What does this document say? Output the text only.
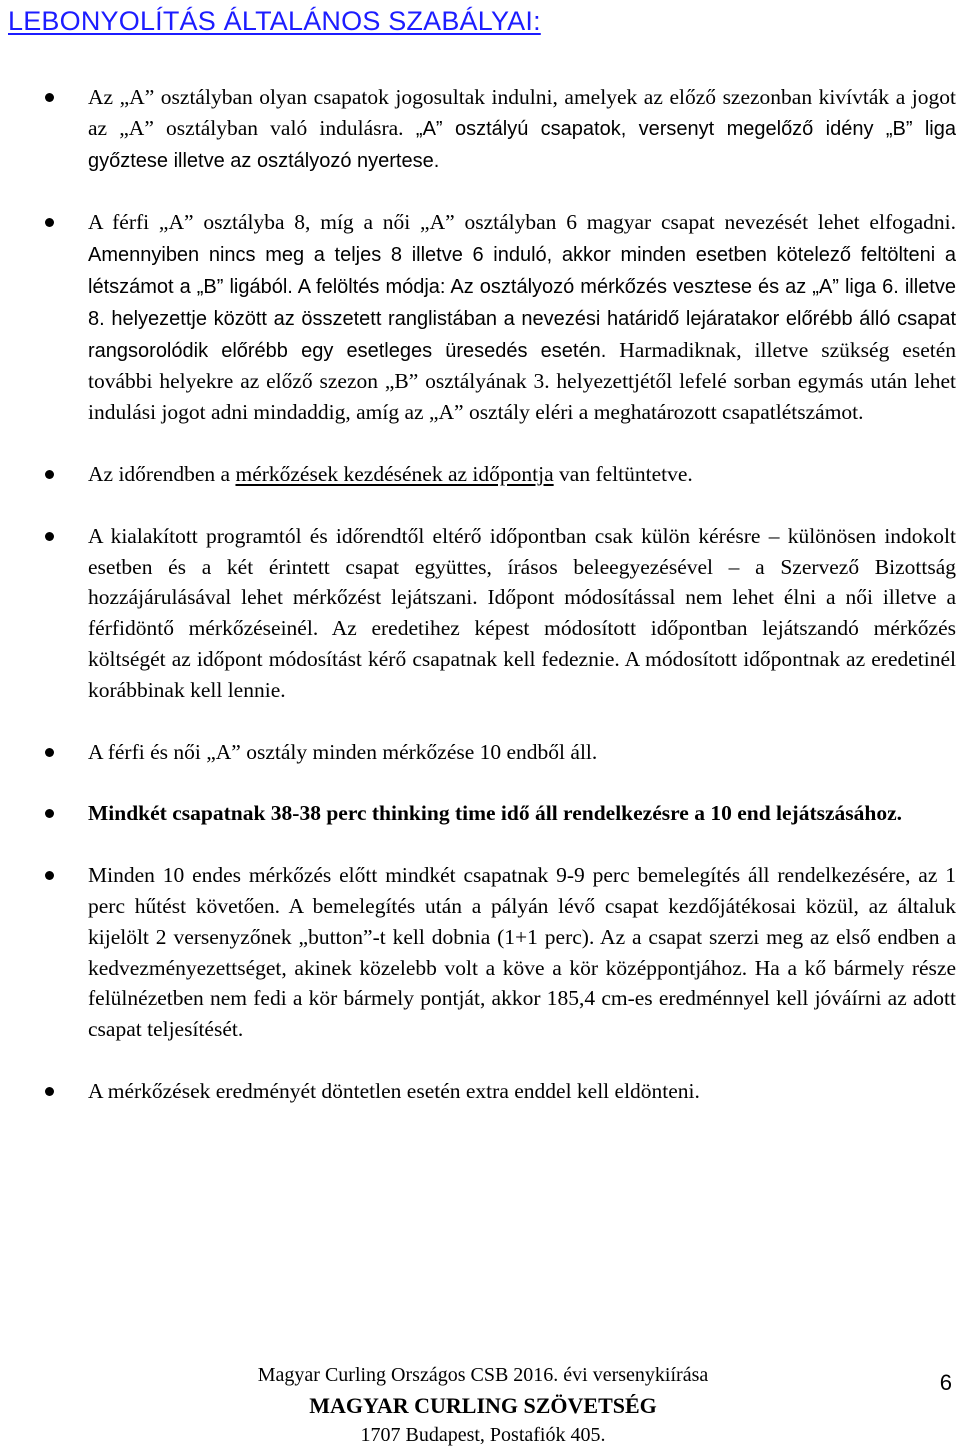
LEBONYOLÍTÁS ÁLTALÁNOS SZABÁLYAI:
Az „A” osztályban olyan csapatok jogosultak indulni, amelyek az előző szezonban kivívták a jogot az „A” osztályban való indulásra. „A” osztályú csapatok, versenyt megelőző idény „B” liga győztese illetve az osztályozó nyertese.
A férfi „A” osztályba 8, míg a női „A” osztályban 6 magyar csapat nevezését lehet elfogadni. Amennyiben nincs meg a teljes 8 illetve 6 induló, akkor minden esetben kötelező feltölteni a létszámot a „B” ligából. A felöltés módja: Az osztályozó mérkőzés vesztese és az „A” liga 6. illetve 8. helyezettje között az összetett ranglistában a nevezési határidő lejáratakor előrébb álló csapat rangsorolódik előrébb egy esetleges üresedés esetén. Harmadiknak, illetve szükség esetén további helyekre az előző szezon „B” osztályának 3. helyezettjétől lefelé sorban egymás után lehet indulási jogot adni mindaddig, amíg az „A” osztály eléri a meghatározott csapatlétszámot.
Az időrendben a mérkőzések kezdésének az időpontja van feltüntetve.
A kialakított programtól és időrendtől eltérő időpontban csak külön kérésre – különösen indokolt esetben és a két érintett csapat együttes, írásos beleegyezésével – a Szervező Bizottság hozzájárulásával lehet mérkőzést lejátszani. Időpont módosítással nem lehet élni a női illetve a férfidöntő mérkőzéseinél. Az eredetihez képest módosított időpontban lejátszandó mérkőzés költségét az időpont módosítást kérő csapatnak kell fedeznie. A módosított időpontnak az eredetinél korábbinak kell lennie.
A férfi és női „A” osztály minden mérkőzése 10 endből áll.
Mindkét csapatnak 38-38 perc thinking time idő áll rendelkezésre a 10 end lejátszásához.
Minden 10 endes mérkőzés előtt mindkét csapatnak 9-9 perc bemelegítés áll rendelkezésére, az 1 perc hűtést követően. A bemelegítés után a pályán lévő csapat kezdőjátékosai közül, az általuk kijelölt 2 versenyzőnek „button”-t kell dobnia (1+1 perc). Az a csapat szerzi meg az első endben a kedvezményezettséget, akinek közelebb volt a köve a kör középpontjához. Ha a kő bármely része felülnézetben nem fedi a kör bármely pontját, akkor 185,4 cm-es eredménnyel kell jóváírni az adott csapat teljesítését.
A mérkőzések eredményét döntetlen esetén extra enddel kell eldönteni.
Magyar Curling Országos CSB 2016. évi versenykiírása
MAGYAR CURLING SZÖVETSÉG
1707 Budapest, Postafiók 405.
6
